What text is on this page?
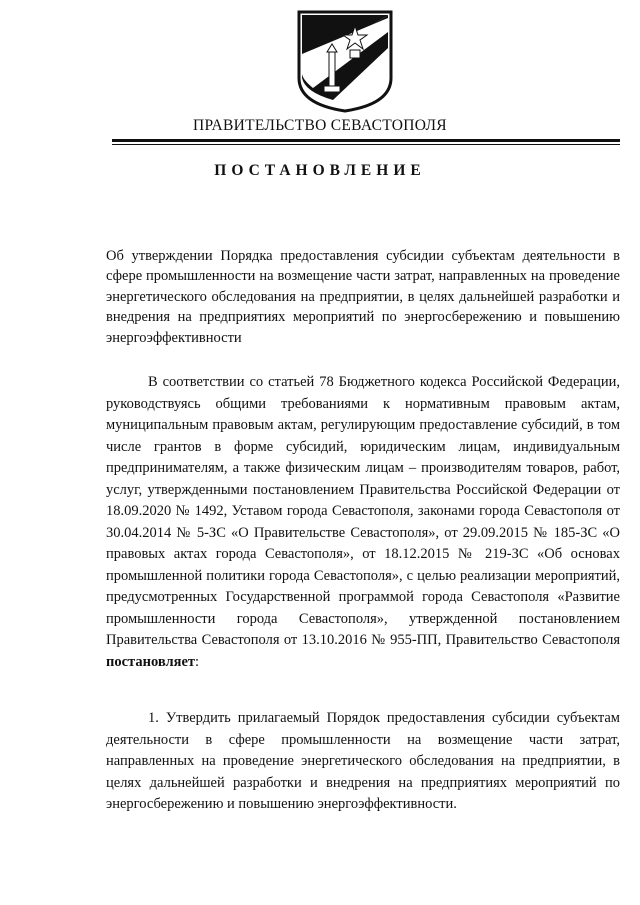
ПРАВИТЕЛЬСТВО СЕВАСТОПОЛЯ
ПОСТАНОВЛЕНИЕ
Об утверждении Порядка предоставления субсидии субъектам деятельности в сфере промышленности на возмещение части затрат, направленных на проведение энергетического обследования на предприятии, в целях дальнейшей разработки и внедрения на предприятиях мероприятий по энергосбережению и повышению энергоэффективности
В соответствии со статьей 78 Бюджетного кодекса Российской Федерации, руководствуясь общими требованиями к нормативным правовым актам, муниципальным правовым актам, регулирующим предоставление субсидий, в том числе грантов в форме субсидий, юридическим лицам, индивидуальным предпринимателям, а также физическим лицам – производителям товаров, работ, услуг, утвержденными постановлением Правительства Российской Федерации от 18.09.2020 № 1492, Уставом города Севастополя, законами города Севастополя от 30.04.2014 № 5-ЗС «О Правительстве Севастополя», от 29.09.2015 № 185-ЗС «О правовых актах города Севастополя», от 18.12.2015 № 219-ЗС «Об основах промышленной политики города Севастополя», с целью реализации мероприятий, предусмотренных Государственной программой города Севастополя «Развитие промышленности города Севастополя», утвержденной постановлением Правительства Севастополя от 13.10.2016 № 955-ПП, Правительство Севастополя постановляет:
1. Утвердить прилагаемый Порядок предоставления субсидии субъектам деятельности в сфере промышленности на возмещение части затрат, направленных на проведение энергетического обследования на предприятии, в целях дальнейшей разработки и внедрения на предприятиях мероприятий по энергосбережению и повышению энергоэффективности.
